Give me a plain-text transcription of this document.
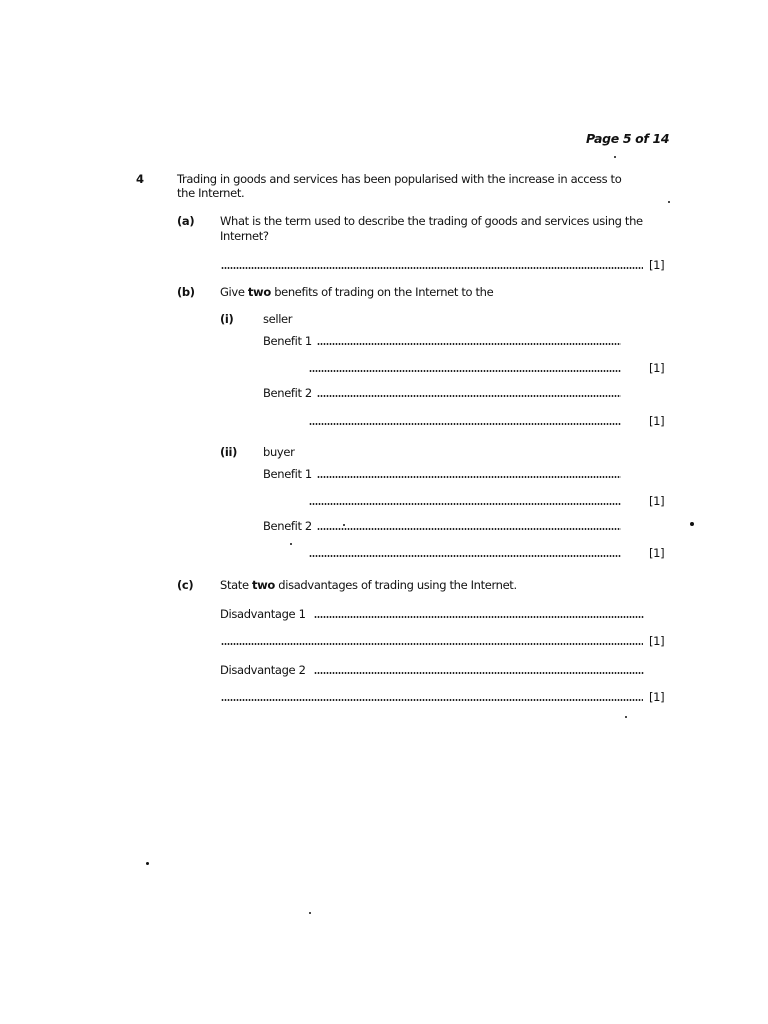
Page 5 of 14
4	Trading in goods and services has been popularised with the increase in access to
the Internet.
(a) What is the term used to describe the trading of goods and services using the
Internet?
[1]
(b) Give two benefits of trading on the Internet to the
(i)	seller
Benefit 1
[1]
Benefit 2
[1]
(ii) buyer
Benefit 1
[1]
Benefit 2
[1]
(c) State two disadvantages of trading using the Internet.
Disadvantage 1
[1]
Disadvantage 2
[1]
